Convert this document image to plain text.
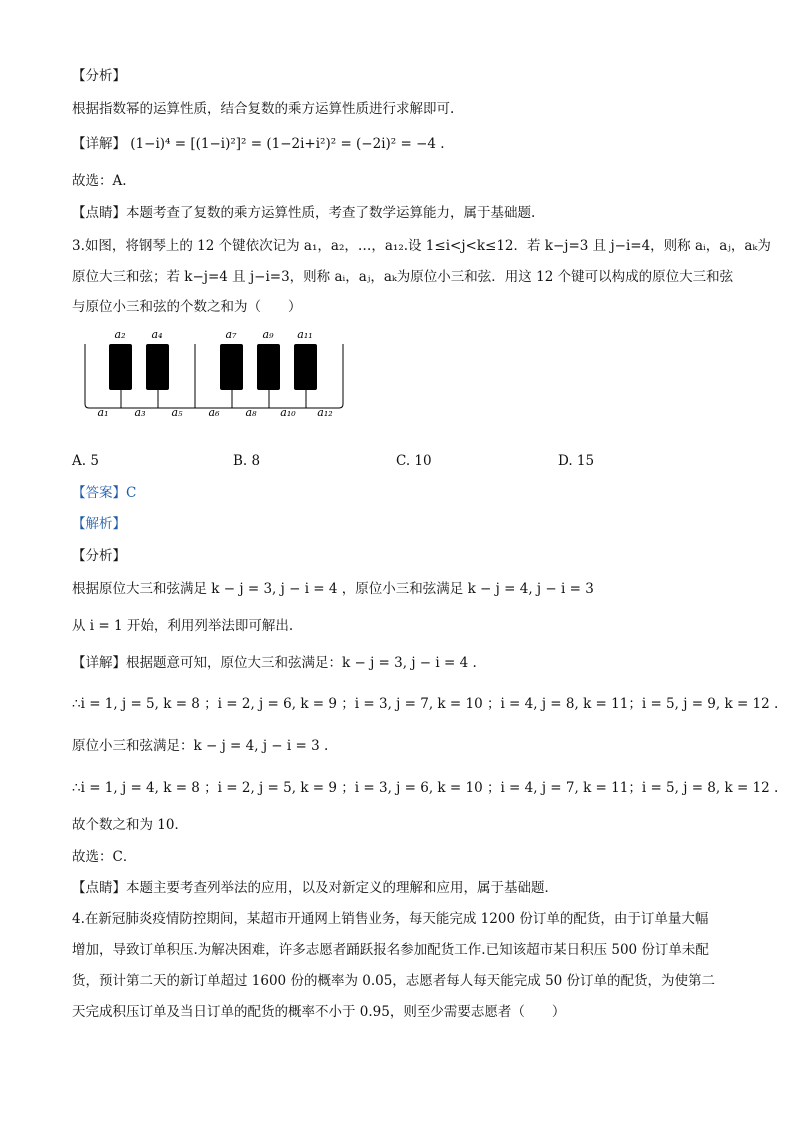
【分析】
根据指数幂的运算性质，结合复数的乘方运算性质进行求解即可.
【详解】 (1−i)⁴ = [(1−i)²]² = (1−2i+i²)² = (−2i)² = −4 .
故选：A.
【点睛】本题考查了复数的乘方运算性质，考查了数学运算能力，属于基础题.
3.如图，将钢琴上的 12 个键依次记为 a₁，a₂，…，a₁₂.设 1≤i<j<k≤12．若 k−j=3 且 j−i=4，则称 aᵢ，aⱼ，aₖ为
原位大三和弦；若 k−j=4 且 j−i=3，则称 aᵢ，aⱼ，aₖ为原位小三和弦．用这 12 个键可以构成的原位大三和弦
与原位小三和弦的个数之和为（　　）
a₂ a₄	a₇ a₉ a₁₁
a₁ a₃ a₅ a₆ a₈ a₁₀ a₁₂
A. 5	B. 8	C. 10	D. 15
【答案】C
【解析】
【分析】
根据原位大三和弦满足 k − j = 3, j − i = 4 ，原位小三和弦满足 k − j = 4, j − i = 3
从 i = 1 开始，利用列举法即可解出.
【详解】根据题意可知，原位大三和弦满足：k − j = 3, j − i = 4 .
∴i = 1, j = 5, k = 8 ；i = 2, j = 6, k = 9 ；i = 3, j = 7, k = 10 ；i = 4, j = 8, k = 11；i = 5, j = 9, k = 12 .
原位小三和弦满足：k − j = 4, j − i = 3 .
∴i = 1, j = 4, k = 8 ；i = 2, j = 5, k = 9 ；i = 3, j = 6, k = 10 ；i = 4, j = 7, k = 11；i = 5, j = 8, k = 12 .
故个数之和为 10．
故选：C．
【点睛】本题主要考查列举法的应用，以及对新定义的理解和应用，属于基础题．
4.在新冠肺炎疫情防控期间，某超市开通网上销售业务，每天能完成 1200 份订单的配货，由于订单量大幅
增加，导致订单积压.为解决困难，许多志愿者踊跃报名参加配货工作.已知该超市某日积压 500 份订单未配
货，预计第二天的新订单超过 1600 份的概率为 0.05，志愿者每人每天能完成 50 份订单的配货，为使第二
天完成积压订单及当日订单的配货的概率不小于 0.95，则至少需要志愿者（　　）
